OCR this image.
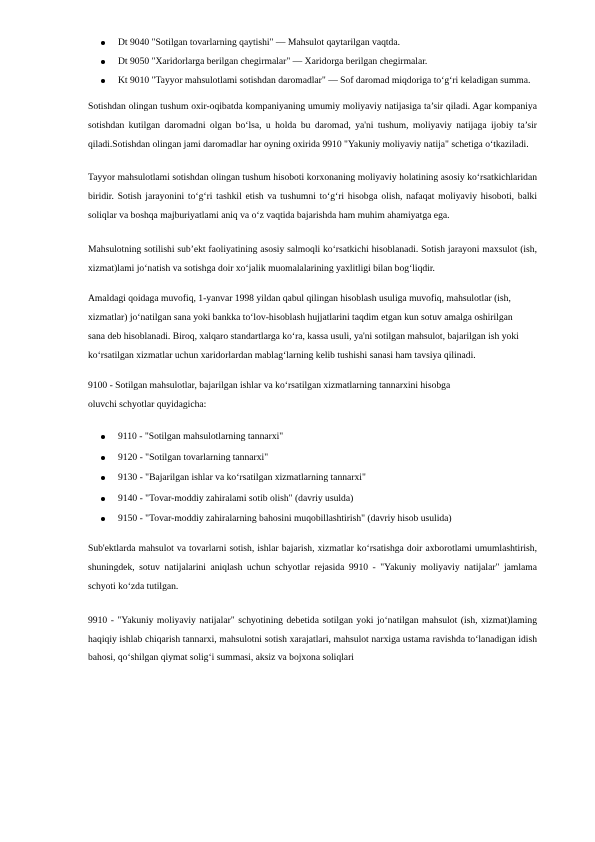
Dt 9040 "Sotilgan tovarlarning qaytishi" — Mahsulot qaytarilgan vaqtda.
Dt 9050 "Xaridorlarga berilgan chegirmalar" — Xaridorga berilgan chegirmalar.
Kt 9010 "Tayyor mahsulotlami sotishdan daromadlar" — Sof daromad miqdoriga to‘g‘ri keladigan summa.

Sotishdan olingan tushum oxir-oqibatda kompaniyaning umumiy moliyaviy natijasiga ta’sir qiladi. Agar kompaniya sotishdan kutilgan daromadni olgan bo‘lsa, u holda bu daromad, ya'ni tushum, moliyaviy natijaga ijobiy ta’sir qiladi.Sotishdan olingan jami daromadlar har oyning oxirida 9910 "Yakuniy moliyaviy natija" schetiga o‘tkaziladi.

Tayyor mahsulotlami sotishdan olingan tushum hisoboti korxonaning moliyaviy holatining asosiy ko‘rsatkichlaridan biridir. Sotish jarayonini to‘g‘ri tashkil etish va tushumni to‘g‘ri hisobga olish, nafaqat moliyaviy hisoboti, balki soliqlar va boshqa majburiyatlami aniq va o‘z vaqtida bajarishda ham muhim ahamiyatga ega.

Mahsulotning sotilishi sub’ekt faoliyatining asosiy salmoqli ko‘rsatkichi hisoblanadi. Sotish jarayoni maxsulot (ish, xizmat)lami jo‘natish va sotishga doir xo‘jalik muomalalarining yaxlitligi bilan bog‘liqdir.

Amaldagi qoidaga muvofiq, 1-yanvar 1998 yildan qabul qilingan hisoblash usuliga muvofiq, mahsulotlar (ish, xizmatlar) jo‘natilgan sana yoki bankka to‘lov-hisoblash hujjatlarini taqdim etgan kun sotuv amalga oshirilgan sana deb hisoblanadi. Biroq, xalqaro standartlarga ko‘ra, kassa usuli, ya'ni sotilgan mahsulot, bajarilgan ish yoki ko‘rsatilgan xizmatlar uchun xaridorlardan mablag‘larning kelib tushishi sanasi ham tavsiya qilinadi.

9100 - Sotilgan mahsulotlar, bajarilgan ishlar va ko‘rsatilgan xizmatlarning tannarxini hisobga oluvchi schyotlar quyidagicha:

9110 - "Sotilgan mahsulotlarning tannarxi"
9120 - "Sotilgan tovarlarning tannarxi"
9130 - "Bajarilgan ishlar va ko‘rsatilgan xizmatlarning tannarxi"
9140 - "Tovar-moddiy zahiralami sotib olish" (davriy usulda)
9150 - "Tovar-moddiy zahiralarning bahosini muqobillashtirish" (davriy hisob usulida)

Sub'ektlarda mahsulot va tovarlarni sotish, ishlar bajarish, xizmatlar ko‘rsatishga doir axborotlami umumlashtirish, shuningdek, sotuv natijalarini aniqlash uchun schyotlar rejasida 9910 - "Yakuniy moliyaviy natijalar" jamlama schyoti ko‘zda tutilgan.

9910 - "Yakuniy moliyaviy natijalar" schyotining debetida sotilgan yoki jo‘natilgan mahsulot (ish, xizmat)laming haqiqiy ishlab chiqarish tannarxi, mahsulotni sotish xarajatlari, mahsulot narxiga ustama ravishda to‘lanadigan idish bahosi, qo‘shilgan qiymat solig‘i summasi, aksiz va bojxona soliqlari
